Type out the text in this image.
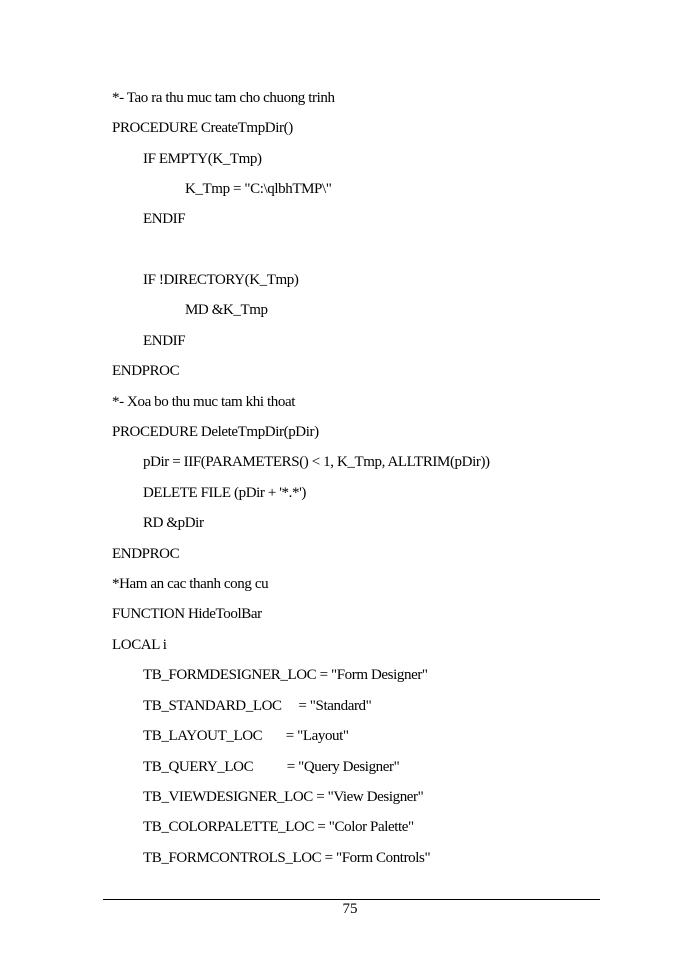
*- Tao ra thu muc tam cho chuong trinh
PROCEDURE CreateTmpDir()
IF EMPTY(K_Tmp)
K_Tmp = "C:\qlbhTMP\"
ENDIF
IF !DIRECTORY(K_Tmp)
MD &K_Tmp
ENDIF
ENDPROC
*- Xoa bo thu muc tam khi thoat
PROCEDURE DeleteTmpDir(pDir)
pDir = IIF(PARAMETERS() < 1, K_Tmp, ALLTRIM(pDir))
DELETE FILE (pDir + '*.*')
RD &pDir
ENDPROC
*Ham an cac thanh cong cu
FUNCTION HideToolBar
LOCAL i
TB_FORMDESIGNER_LOC = "Form Designer"
TB_STANDARD_LOC     = "Standard"
TB_LAYOUT_LOC       = "Layout"
TB_QUERY_LOC          = "Query Designer"
TB_VIEWDESIGNER_LOC = "View Designer"
TB_COLORPALETTE_LOC = "Color Palette"
TB_FORMCONTROLS_LOC = "Form Controls"
75
